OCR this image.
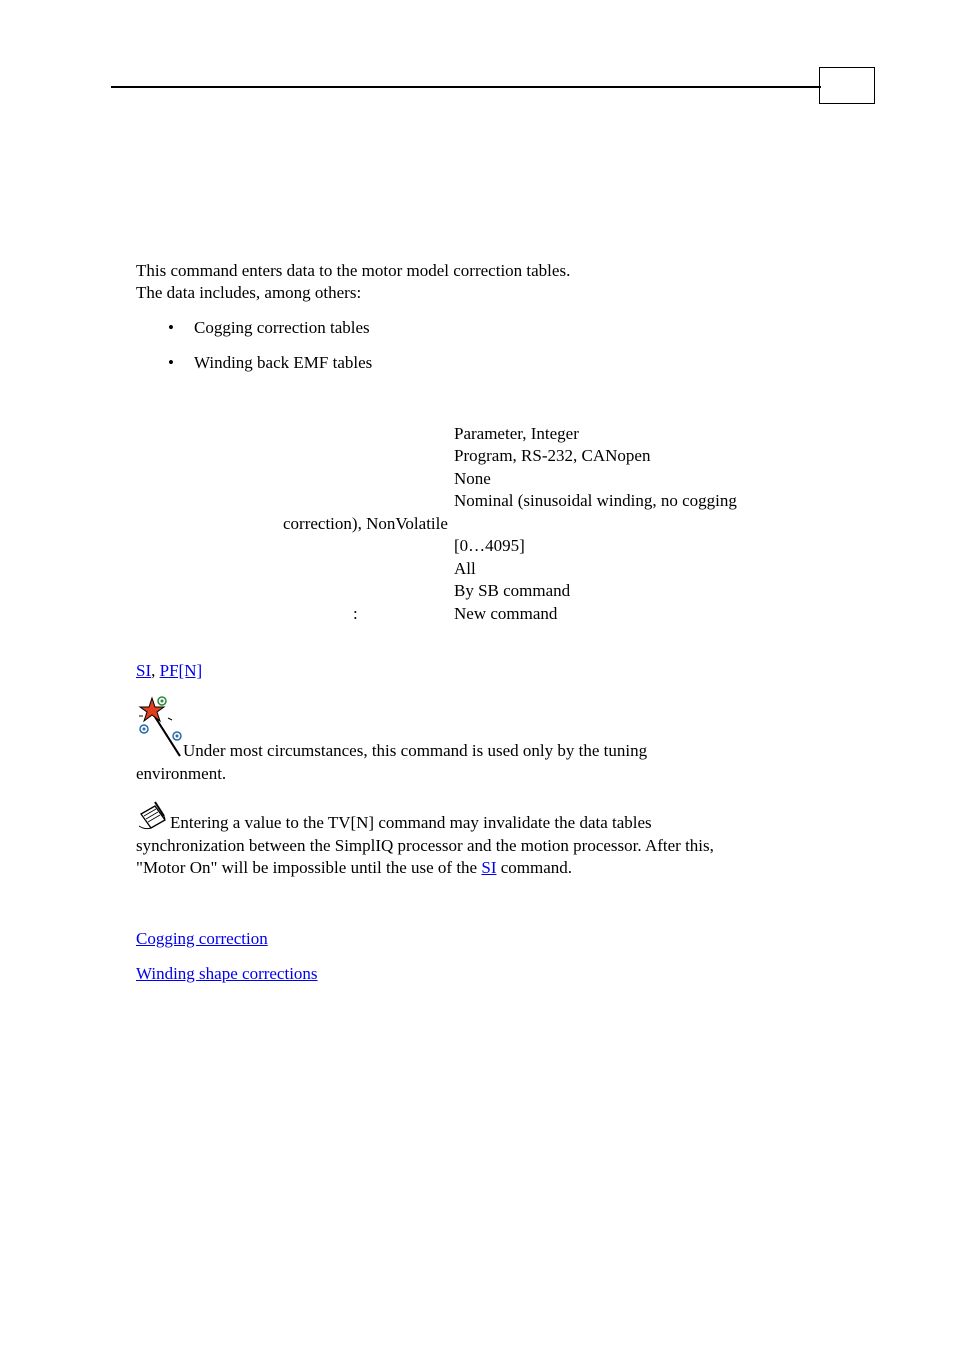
This command enters data to the motor model correction tables.
The data includes, among others:
• Cogging correction tables
• Winding back EMF tables
Parameter, Integer
Program, RS-232, CANopen
None
Nominal (sinusoidal winding, no cogging
correction), NonVolatile
[0…4095]
All
By SB command
:	New command
SI, PF[N]
Under most circumstances, this command is used only by the tuning
environment.
Entering a value to the TV[N] command may invalidate the data tables
synchronization between the SimplIQ processor and the motion processor. After this,
"Motor On" will be impossible until the use of the SI command.
Cogging correction
Winding shape corrections
